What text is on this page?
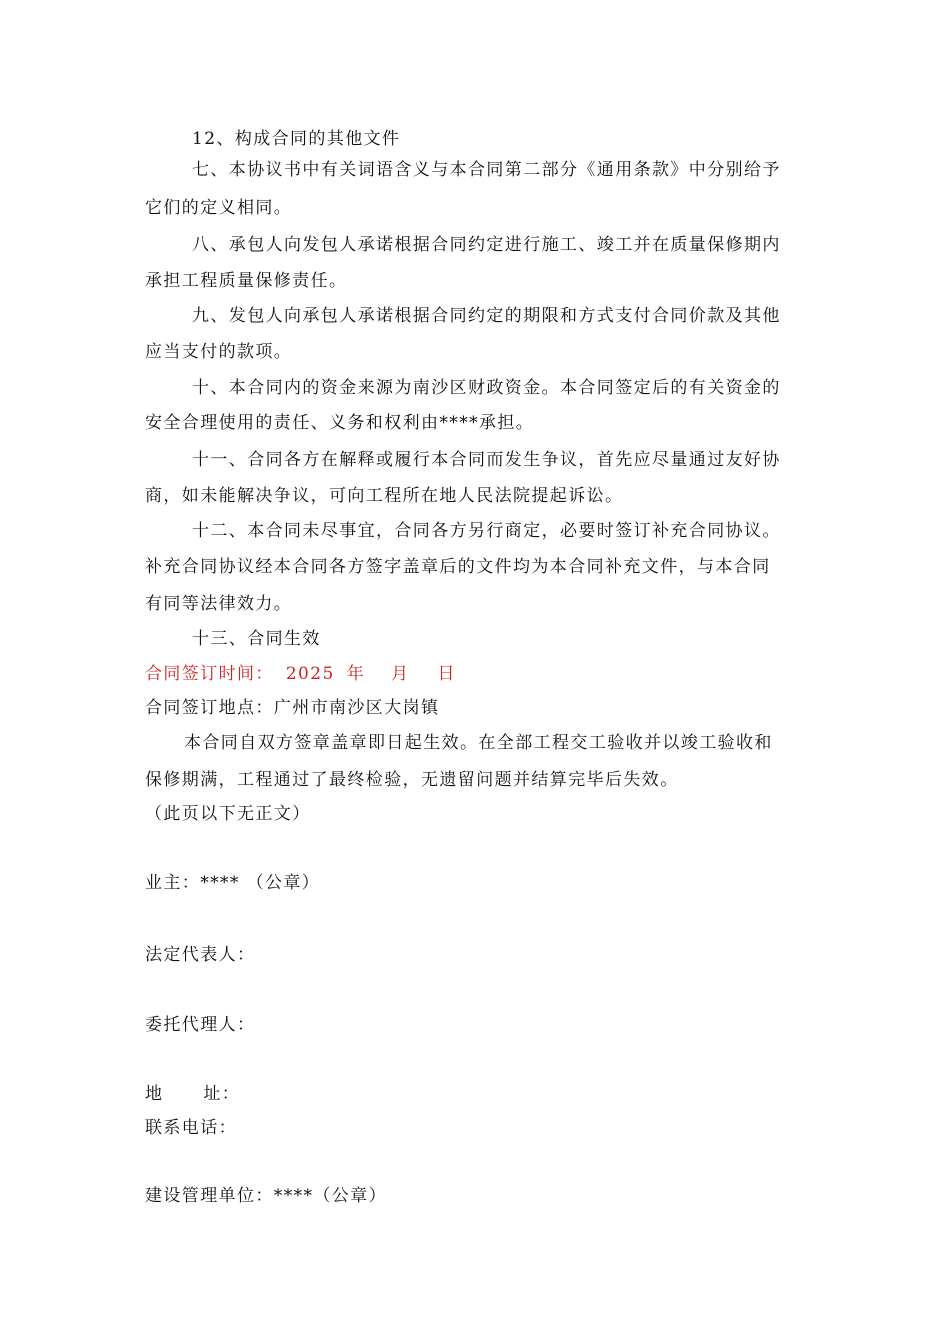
12、构成合同的其他文件
七、本协议书中有关词语含义与本合同第二部分《通用条款》中分别给予
它们的定义相同。
八、承包人向发包人承诺根据合同约定进行施工、竣工并在质量保修期内
承担工程质量保修责任。
九、发包人向承包人承诺根据合同约定的期限和方式支付合同价款及其他
应当支付的款项。
十、本合同内的资金来源为南沙区财政资金。本合同签定后的有关资金的
安全合理使用的责任、义务和权利由****承担。
十一、合同各方在解释或履行本合同而发生争议，首先应尽量通过友好协
商，如未能解决争议，可向工程所在地人民法院提起诉讼。
十二、本合同未尽事宜，合同各方另行商定，必要时签订补充合同协议。
补充合同协议经本合同各方签字盖章后的文件均为本合同补充文件，与本合同
有同等法律效力。
十三、合同生效
合同签订时间： 2025 年 月 日
合同签订地点：广州市南沙区大岗镇
本合同自双方签章盖章即日起生效。在全部工程交工验收并以竣工验收和
保修期满，工程通过了最终检验，无遗留问题并结算完毕后失效。
（此页以下无正文）
业主：**** （公章）
法定代表人：
委托代理人：
地 址：
联系电话：
建设管理单位：****（公章）
